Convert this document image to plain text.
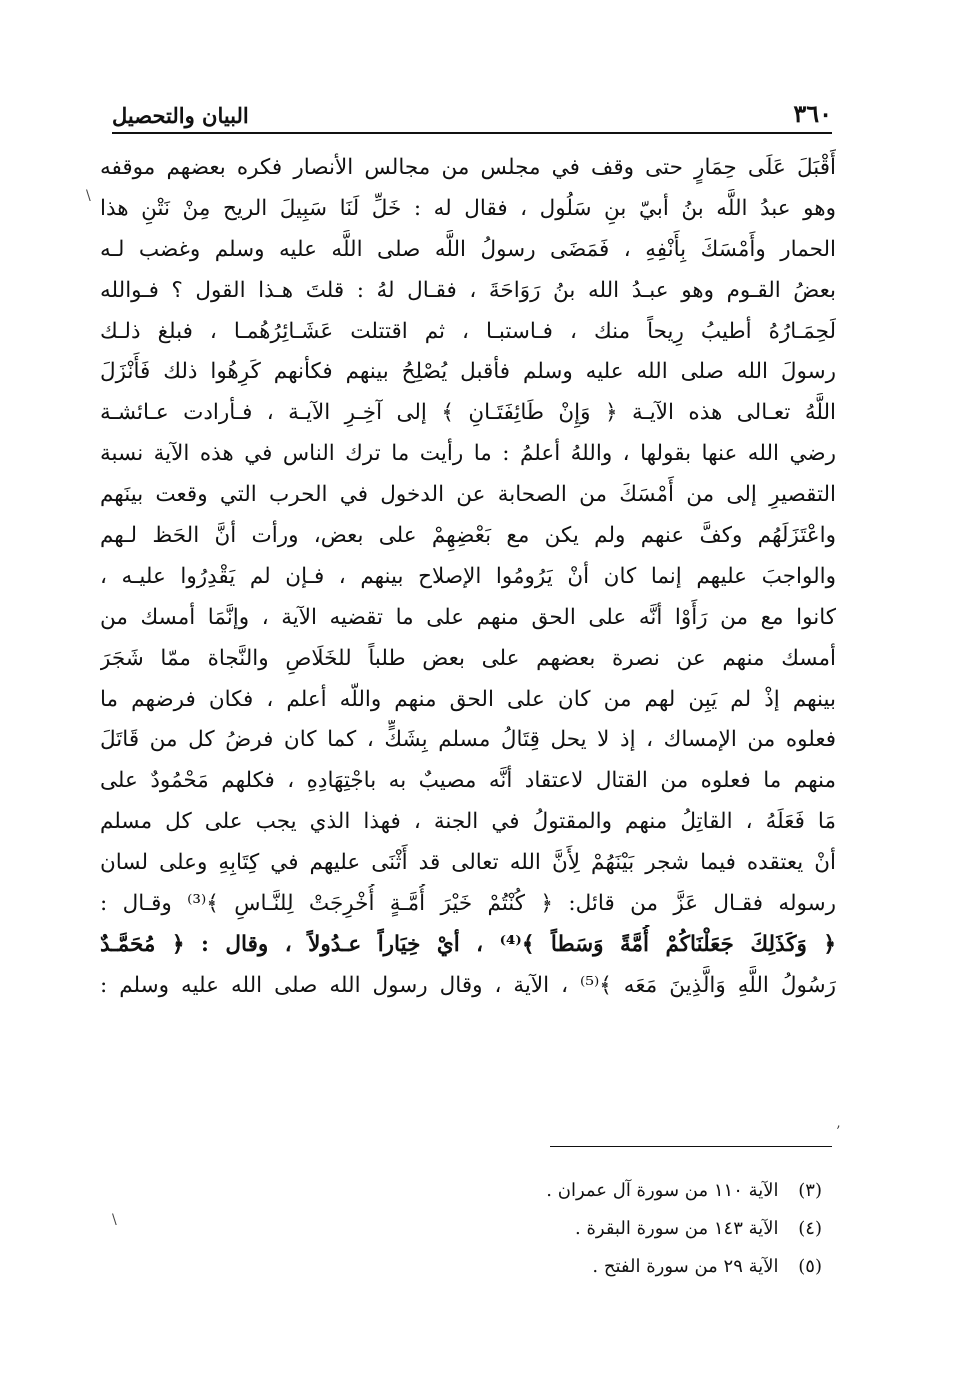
٣٦٠
البيان والتحصيل
أَقْبَلَ عَلَى حِمَارٍ حتى وقف في مجلس من مجالس الأنصار فكره بعضهم موقفه
وهو عبدُ اللَّه بنُ أبيّ بنِ سَلُول ، فقال له : خَلِّ لَنَا سَبِيلَ الريح مِنْ نَتْنِ هذا
الحمار وأَمْسَكَ بِأَنْفِهِ ، فَمَضَى رسولُ اللَّه صلى اللَّه عليه وسلم وغضب لـه
بعضُ القـوم وهو عبـدُ الله بنُ رَوَاحَةَ ، فقـال لهُ : قلتَ هـذا القول ؟ فـوالله
لَحِمَـارُهُ أطيبُ رِيحاً منك ، فـاستبـا ، ثم اقتتلت عَشَـائِرُهُمـا ، فبلغ ذلـك
رسولَ الله صلى الله عليه وسلم فأقبل يُصْلِحُ بينهم فكأنهم كَرِهُوا ذلك فَأَنْزَلَ
اللَّهُ تعـالى هذه الآيـة ﴿ وَإِنْ طَائِفَتَـانِ ﴾ إلى آخِـرِ الآيـة ، فـأرادت عـائشـة
رضي الله عنها بقولها ، واللهُ أعلمُ : ما رأيت ما ترك الناس في هذه الآية نسبة
التقصيرِ إلى من أَمْسَكَ من الصحابة عن الدخول في الحرب التي وقعت بينَهم
واعْتَزَلَهُم وكفَّ عنهم ولم يكن مع بَعْضِهِمْ على بعض، ورأت أنَّ الحَظ لـهم
والواجبَ عليهم إنما كان أنْ يَرُومُوا الإصلاح بينهم ، فـإن لم يَقْدِرُوا عليـه ،
كانوا مع من رَأَوْا أنَّه على الحق منهم على ما تقضيه الآية ، وإنَّمَا أمسك من
أمسك منهم عن نصرة بعضهم على بعض طلباً للخَلَاصِ والنَّجاة ممّا شَجَرَ
بينهم إذْ لم يَبِن لهم من كان على الحق منهم واللّه أعلم ، فكان فرضهم ما
فعلوه من الإمساك ، إذ لا يحل قِتَالُ مسلم بِشَكٍّ ، كما كان فرضُ كل من قَاتَلَ
منهم ما فعلوه من القتال لاعتقاد أنَّه مصيبٌ به باجْتِهَادِهِ ، فكلهم مَحْمُودٌ على
مَا فَعَلَهُ ، القاتِلُ منهم والمقتولُ في الجنة ، فهذا الذي يجب على كل مسلم
أنْ يعتقده فيما شجر بَيْنَهُمْ لِأَنَّ الله تعالى قد أَثْنَى عليهم في كِتَابِهِ وعلى لسان
رسوله فقـال عَزَّ من قائل: ﴿ كُنْتُمْ خَيْرَ أُمَّـةٍ أُخْرِجَتْ لِلنَّـاسِ ﴾⁽³⁾ وقـال :
﴿ وَكَذَلِكَ جَعَلْنَاكُمْ أُمَّةً وَسَطاً ﴾⁽⁴⁾ ، أيْ خِيَاراً عـدُولاً ، وقال : ﴿ مُحَمَّـدٌ
رَسُولُ اللَّهِ وَالَّذِينَ مَعَه ﴾⁽⁵⁾ ، الآية ، وقال رسول الله صلى الله عليه وسلم :
(٣) الآية ١١٠ من سورة آل عمران .
(٤) الآية ١٤٣ من سورة البقرة .
(٥) الآية ٢٩ من سورة الفتح .
\
\
’
